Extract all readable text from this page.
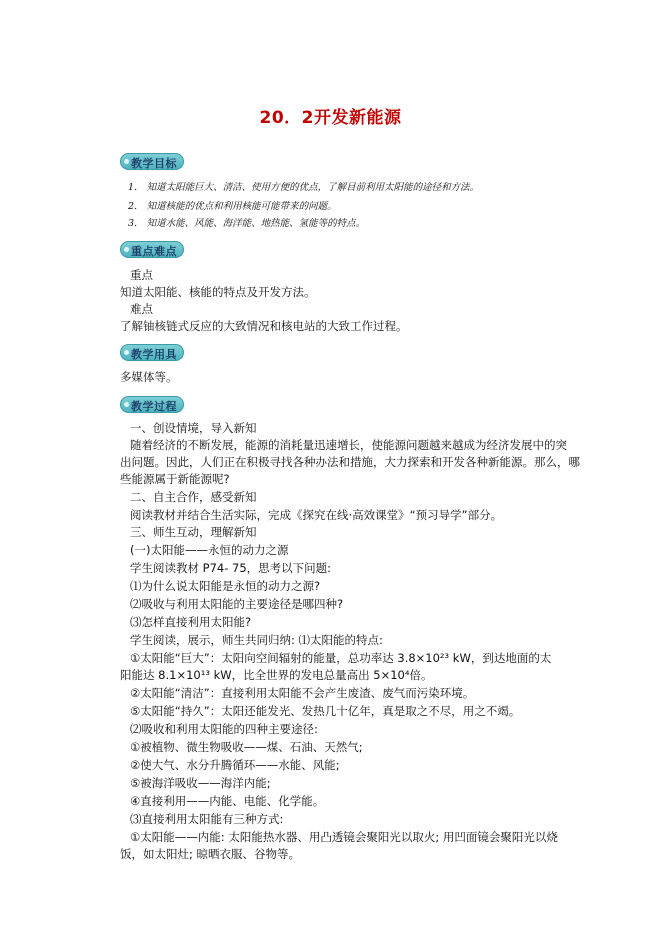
20．2开发新能源
教学目标
1． 知道太阳能巨大、清洁、使用方便的优点，了解目前利用太阳能的途径和方法。
2． 知道核能的优点和利用核能可能带来的问题。
3． 知道水能、风能、海洋能、地热能、氢能等的特点。
重点难点
重点
知道太阳能、核能的特点及开发方法。
难点
了解铀核链式反应的大致情况和核电站的大致工作过程。
教学用具
多媒体等。
教学过程
一、创设情境，导入新知
随着经济的不断发展，能源的消耗量迅速增长，使能源问题越来越成为经济发展中的突
出问题。因此，人们正在积极寻找各种办法和措施，大力探索和开发各种新能源。那么，哪
些能源属于新能源呢?
二、自主合作，感受新知
阅读教材并结合生活实际，完成《探究在线·高效课堂》“预习导学”部分。
三、师生互动，理解新知
(一)太阳能——永恒的动力之源
学生阅读教材 P74- 75，思考以下问题:
⑴为什么说太阳能是永恒的动力之源?
⑵吸收与利用太阳能的主要途径是哪四种?
⑶怎样直接利用太阳能?
学生阅读，展示，师生共同归纳: ⑴太阳能的特点:
①太阳能“巨大”：太阳向空间辐射的能量，总功率达 3.8×10²³ kW，到达地面的太
阳能达 8.1×10¹³ kW，比全世界的发电总量高出 5×10⁴倍。
②太阳能“清洁”：直接利用太阳能不会产生废渣、废气而污染环境。
⑤太阳能“持久”：太阳还能发光、发热几十亿年，真是取之不尽，用之不竭。
⑵吸收和利用太阳能的四种主要途径:
①被植物、微生物吸收——煤、石油、天然气;
②使大气、水分升腾循环——水能、风能;
⑤被海洋吸收——海洋内能;
④直接利用——内能、电能、化学能。
⑶直接利用太阳能有三种方式:
①太阳能——内能: 太阳能热水器、用凸透镜会聚阳光以取火; 用凹面镜会聚阳光以烧
饭，如太阳灶; 晾晒衣服、谷物等。
